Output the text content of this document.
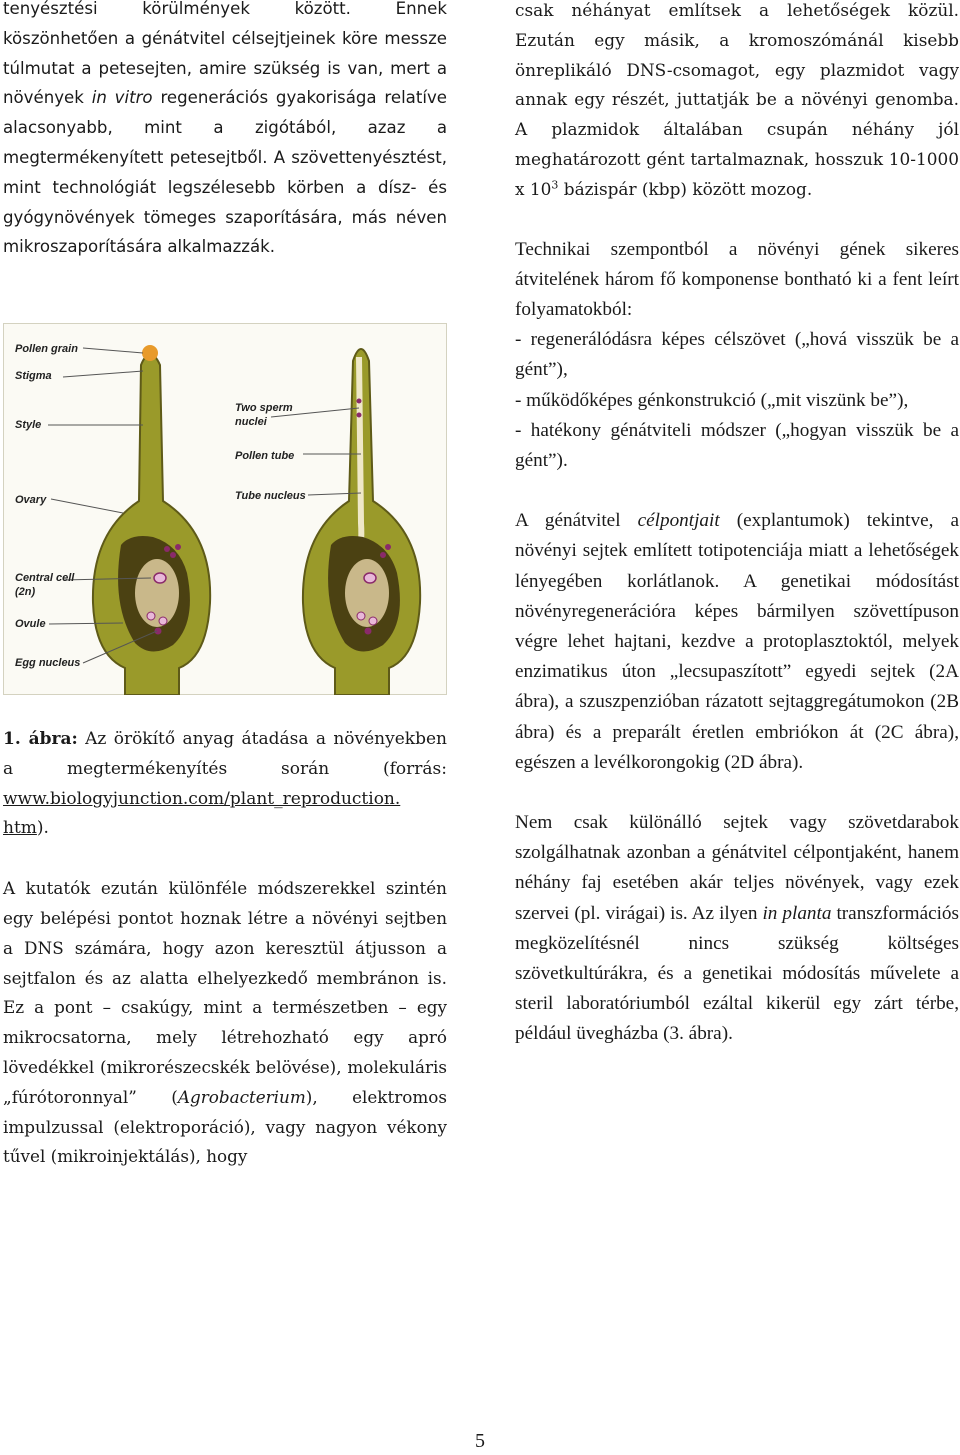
tenyésztési körülmények között. Ennek köszönhetően a génátvitel célsejtjeinek köre messze túlmutat a petesejten, amire szükség is van, mert a növények in vitro regenerációs gyakorisága relatíve alacsonyabb, mint a zigótából, azaz a megtermékenyített petesejtből. A szövettenyésztést, mint technológiát legszélesebb körben a dísz- és gyógynövények tömeges szaporítására, más néven mikroszaporítására alkalmazzák.

Pollen grain
Stigma
Style
Ovary
Central cell
(2n)
Ovule
Egg nucleus
Two sperm
nuclei
Pollen tube
Tube nucleus

1. ábra: Az örökítő anyag átadása a növényekben a megtermékenyítés során (forrás: www.biologyjunction.com/plant_reproduction.
htm).

A kutatók ezután különféle módszerekkel szintén egy belépési pontot hoznak létre a növényi sejtben a DNS számára, hogy azon keresztül átjusson a sejtfalon és az alatta elhelyezkedő membránon is. Ez a pont – csakúgy, mint a természetben – egy mikrocsatorna, mely létrehozható egy apró lövedékkel (mikrorészecskék belövése), molekuláris „fúrótoronnyal” (Agrobacterium), elektromos impulzussal (elektroporáció), vagy nagyon vékony tűvel (mikroinjektálás), hogy

csak néhányat említsek a lehetőségek közül. Ezután egy másik, a kromoszómánál kisebb önreplikáló DNS-csomagot, egy plazmidot vagy annak egy részét, juttatják be a növényi genomba. A plazmidok általában csupán néhány jól meghatározott gént tartalmaznak, hosszuk 10-1000 x $10^3$ bázispár (kbp) között mozog.

Technikai szempontból a növényi gének sikeres átvitelének három fő komponense bontható ki a fent leírt folyamatokból:

- regenerálódásra képes célszövet („hová visszük be a gént”),

- működőképes génkonstrukció („mit viszünk be”),

- hatékony génátviteli módszer („hogyan visszük be a gént”).

A génátvitel célpontjait (explantumok) tekintve, a növényi sejtek említett totipotenciája miatt a lehetőségek lényegében korlátlanok. A genetikai módosítást növényregenerációra képes bármilyen szövettípuson végre lehet hajtani, kezdve a protoplasztoktól, melyek enzimatikus úton „lecsupaszított” egyedi sejtek (2A ábra), a szuszpenzióban rázatott sejtaggregátumokon (2B ábra) és a preparált éretlen embriókon át (2C ábra), egészen a levélkorongokig (2D ábra).

Nem csak különálló sejtek vagy szövetdarabok szolgálhatnak azonban a génátvitel célpontjaként, hanem néhány faj esetében akár teljes növények, vagy ezek szervei (pl. virágai) is. Az ilyen in planta transzformációs megközelítésnél nincs szükség költséges szövetkultúrákra, és a genetikai módosítás művelete a steril laboratóriumból ezáltal kikerül egy zárt térbe, például üvegházba (3. ábra).

5
